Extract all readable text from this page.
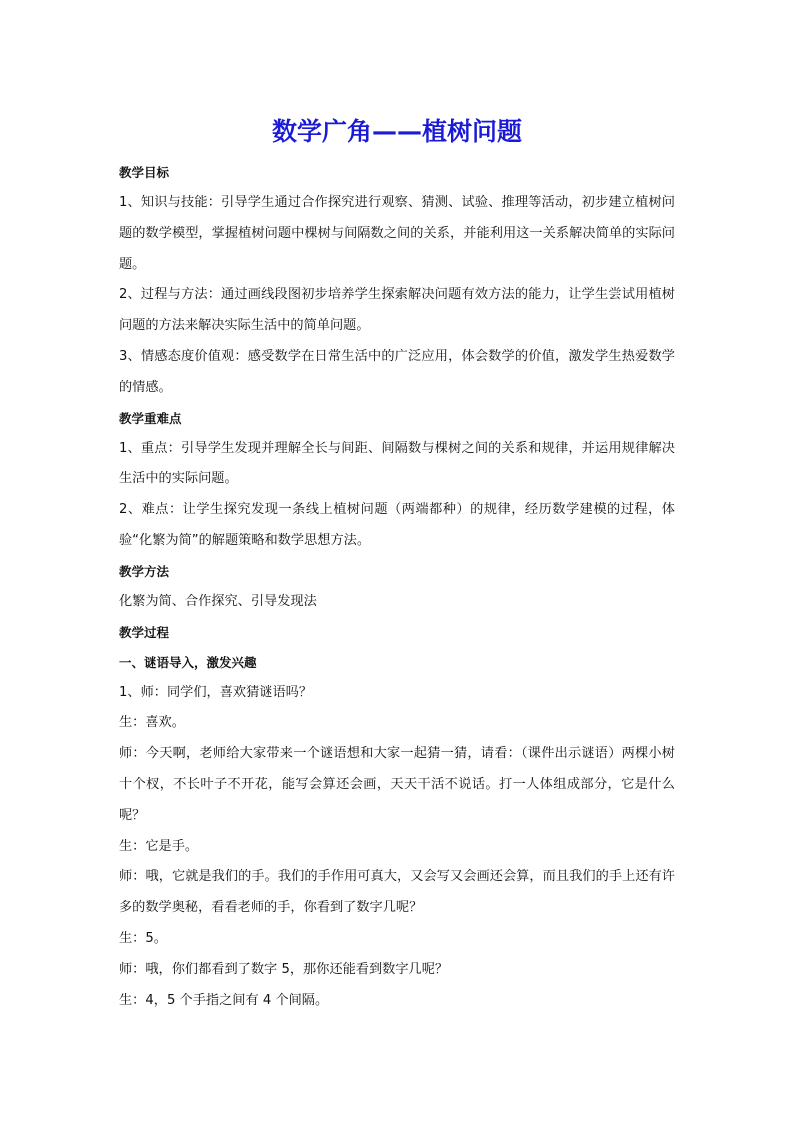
数学广角——植树问题

教学目标

1、知识与技能：引导学生通过合作探究进行观察、猜测、试验、推理等活动，初步建立植树问题的数学模型，掌握植树问题中棵树与间隔数之间的关系，并能利用这一关系解决简单的实际问题。

2、过程与方法：通过画线段图初步培养学生探索解决问题有效方法的能力，让学生尝试用植树问题的方法来解决实际生活中的简单问题。

3、情感态度价值观：感受数学在日常生活中的广泛应用，体会数学的价值，激发学生热爱数学的情感。

教学重难点

1、重点：引导学生发现并理解全长与间距、间隔数与棵树之间的关系和规律，并运用规律解决生活中的实际问题。

2、难点：让学生探究发现一条线上植树问题（两端都种）的规律，经历数学建模的过程，体验“化繁为简”的解题策略和数学思想方法。

教学方法

化繁为简、合作探究、引导发现法

教学过程

一、谜语导入，激发兴趣

1、师：同学们，喜欢猜谜语吗？

生：喜欢。

师：今天啊，老师给大家带来一个谜语想和大家一起猜一猜，请看：（课件出示谜语）两棵小树十个杈，不长叶子不开花，能写会算还会画，天天干活不说话。打一人体组成部分，它是什么呢？

生：它是手。

师：哦，它就是我们的手。我们的手作用可真大，又会写又会画还会算，而且我们的手上还有许多的数学奥秘，看看老师的手，你看到了数字几呢？

生：5。

师：哦，你们都看到了数字 5，那你还能看到数字几呢？

生：4，5 个手指之间有 4 个间隔。
